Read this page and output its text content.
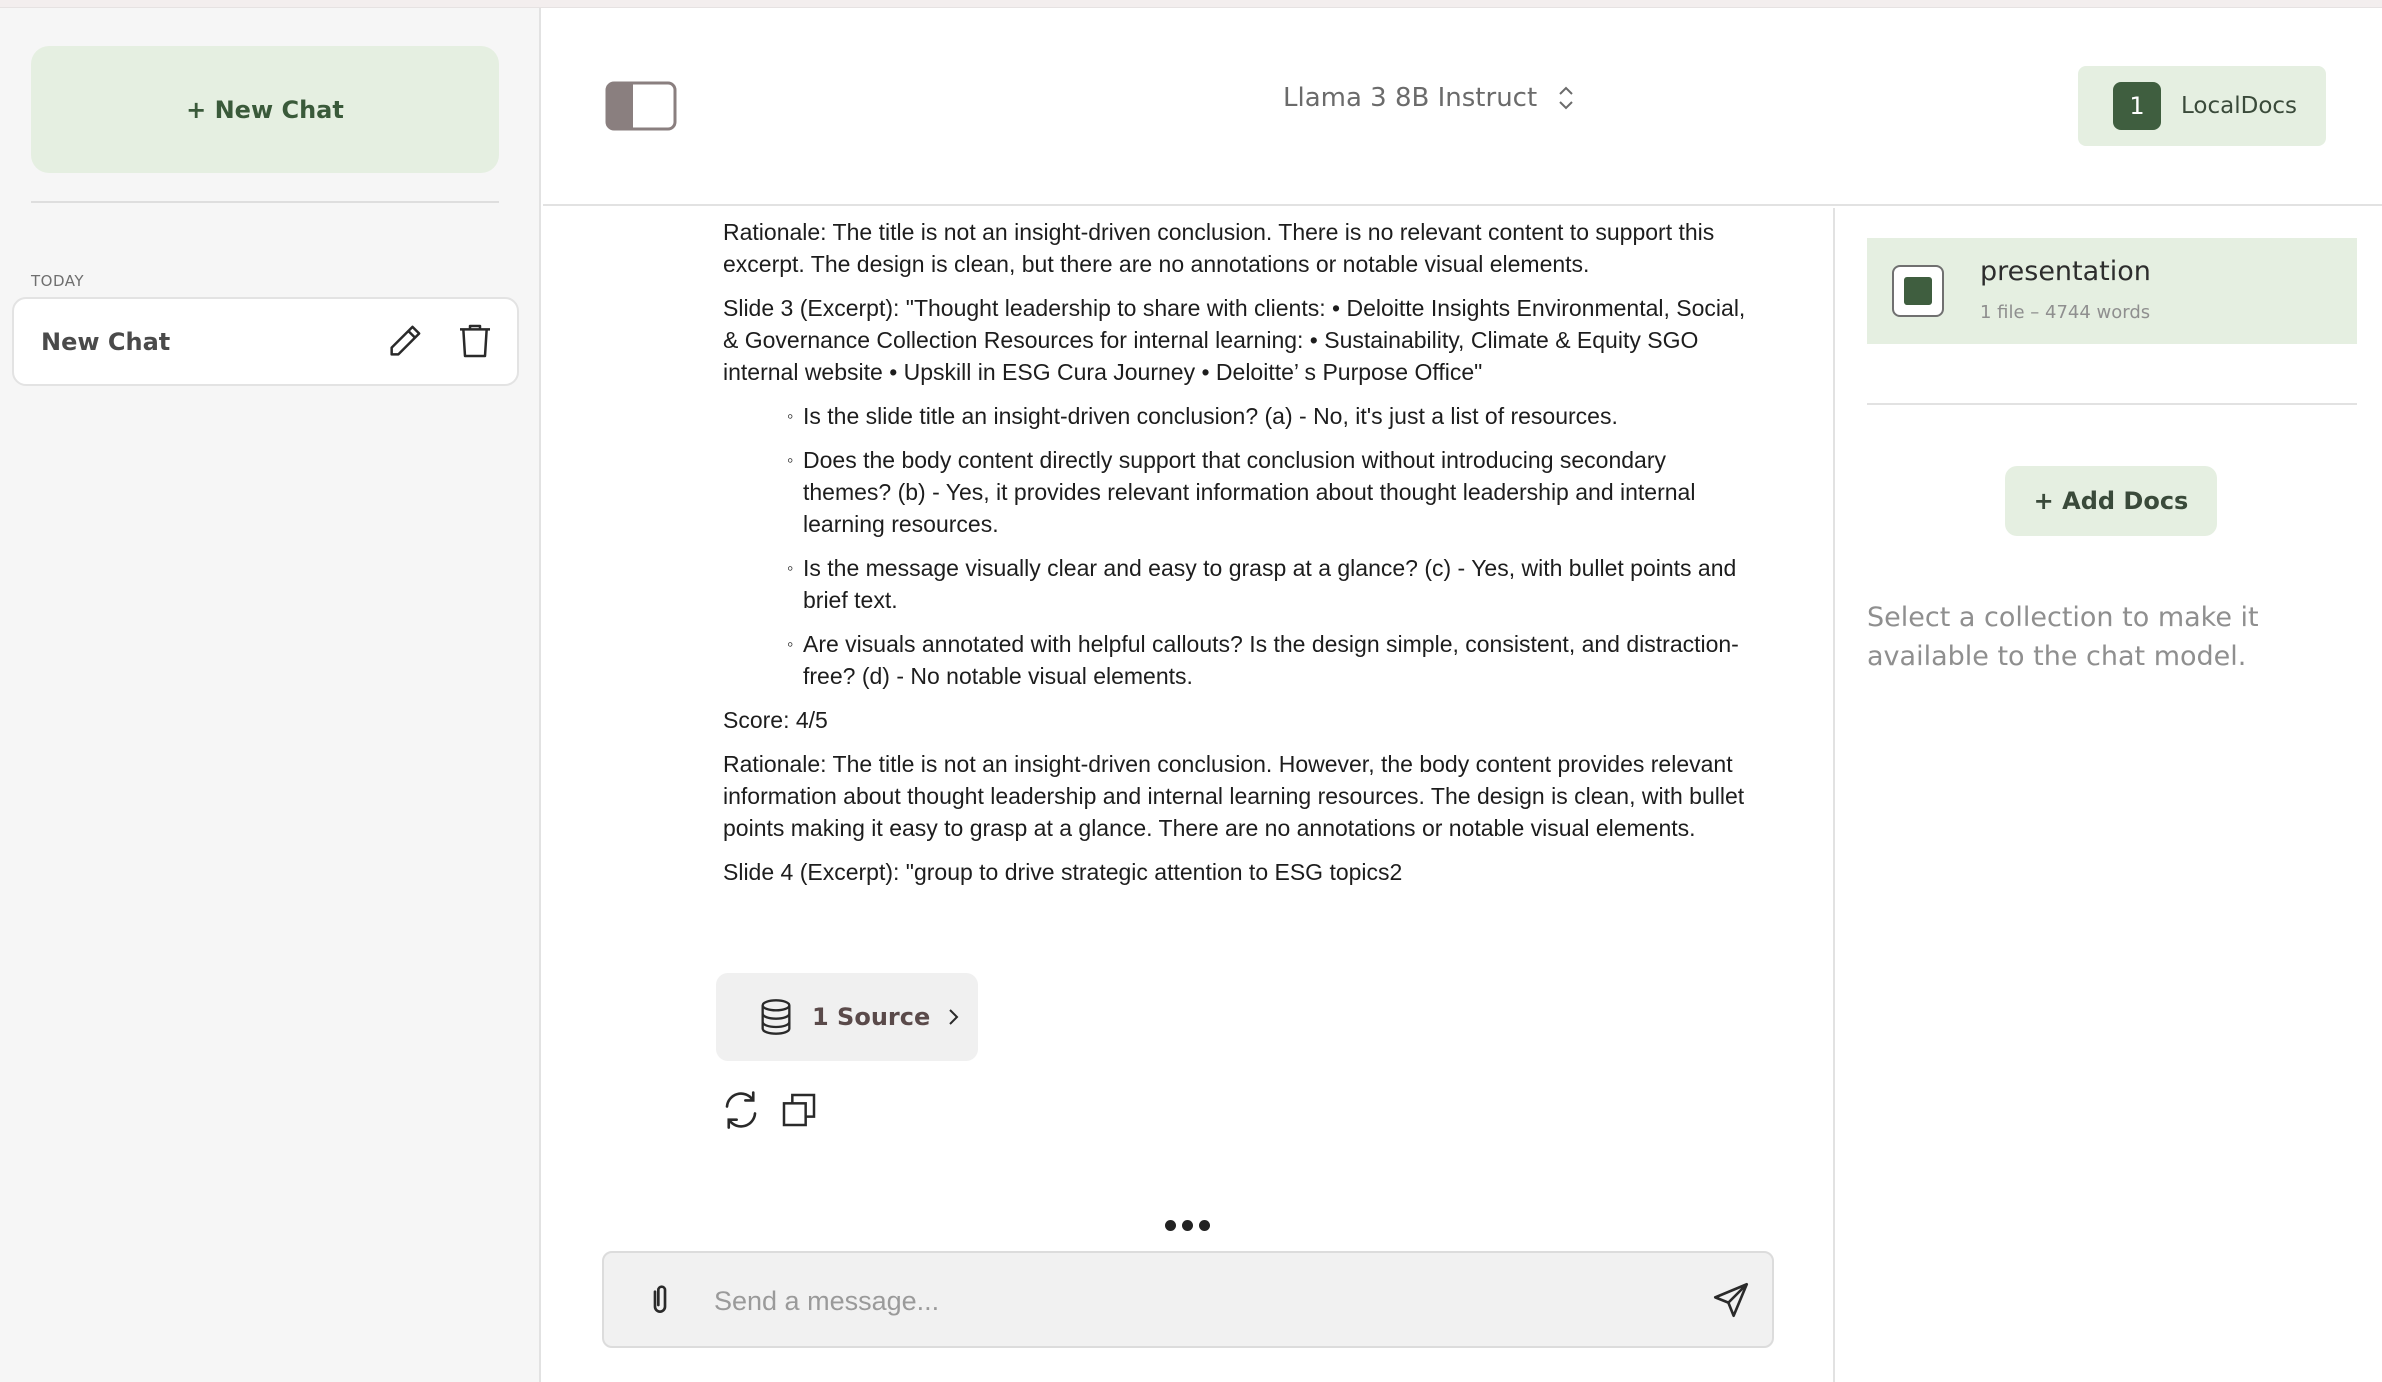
+ New Chat
TODAY
New Chat
Llama 3 8B Instruct	1	LocalDocs

Rationale: The title is not an insight-driven conclusion. There is no relevant content to support this excerpt. The design is clean, but there are no annotations or notable visual elements.

Slide 3 (Excerpt): "Thought leadership to share with clients: • Deloitte Insights Environmental, Social, & Governance Collection Resources for internal learning: • Sustainability, Climate & Equity SGO internal website • Upskill in ESG Cura Journey • Deloitte’ s Purpose Office"

◦ Is the slide title an insight-driven conclusion? (a) - No, it's just a list of resources.
◦ Does the body content directly support that conclusion without introducing secondary themes? (b) - Yes, it provides relevant information about thought leadership and internal learning resources.
◦ Is the message visually clear and easy to grasp at a glance? (c) - Yes, with bullet points and brief text.
◦ Are visuals annotated with helpful callouts? Is the design simple, consistent, and distraction-free? (d) - No notable visual elements.

Score: 4/5

Rationale: The title is not an insight-driven conclusion. However, the body content provides relevant information about thought leadership and internal learning resources. The design is clean, with bullet points making it easy to grasp at a glance. There are no annotations or notable visual elements.

Slide 4 (Excerpt): "group to drive strategic attention to ESG topics2

1 Source
Send a message...
presentation
1 file – 4744 words
+ Add Docs
Select a collection to make it available to the chat model.
